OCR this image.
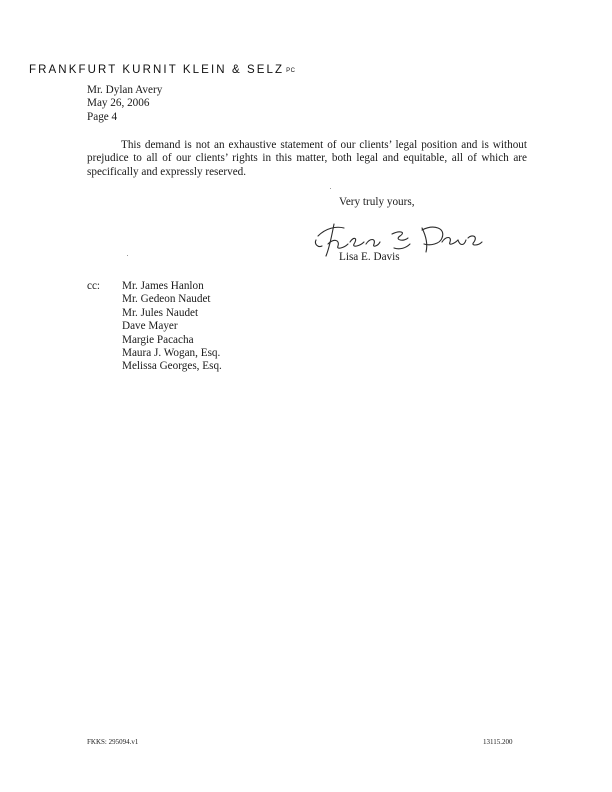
FRANKFURT KURNIT KLEIN & SELZ PC
Mr. Dylan Avery
May 26, 2006
Page 4
This demand is not an exhaustive statement of our clients’ legal position and is without prejudice to all of our clients’ rights in this matter, both legal and equitable, all of which are specifically and expressly reserved.
Very truly yours,
Lisa E. Davis
cc: Mr. James Hanlon
Mr. Gedeon Naudet
Mr. Jules Naudet
Dave Mayer
Margie Pacacha
Maura J. Wogan, Esq.
Melissa Georges, Esq.
FKKS: 295094.v1	13115.200
